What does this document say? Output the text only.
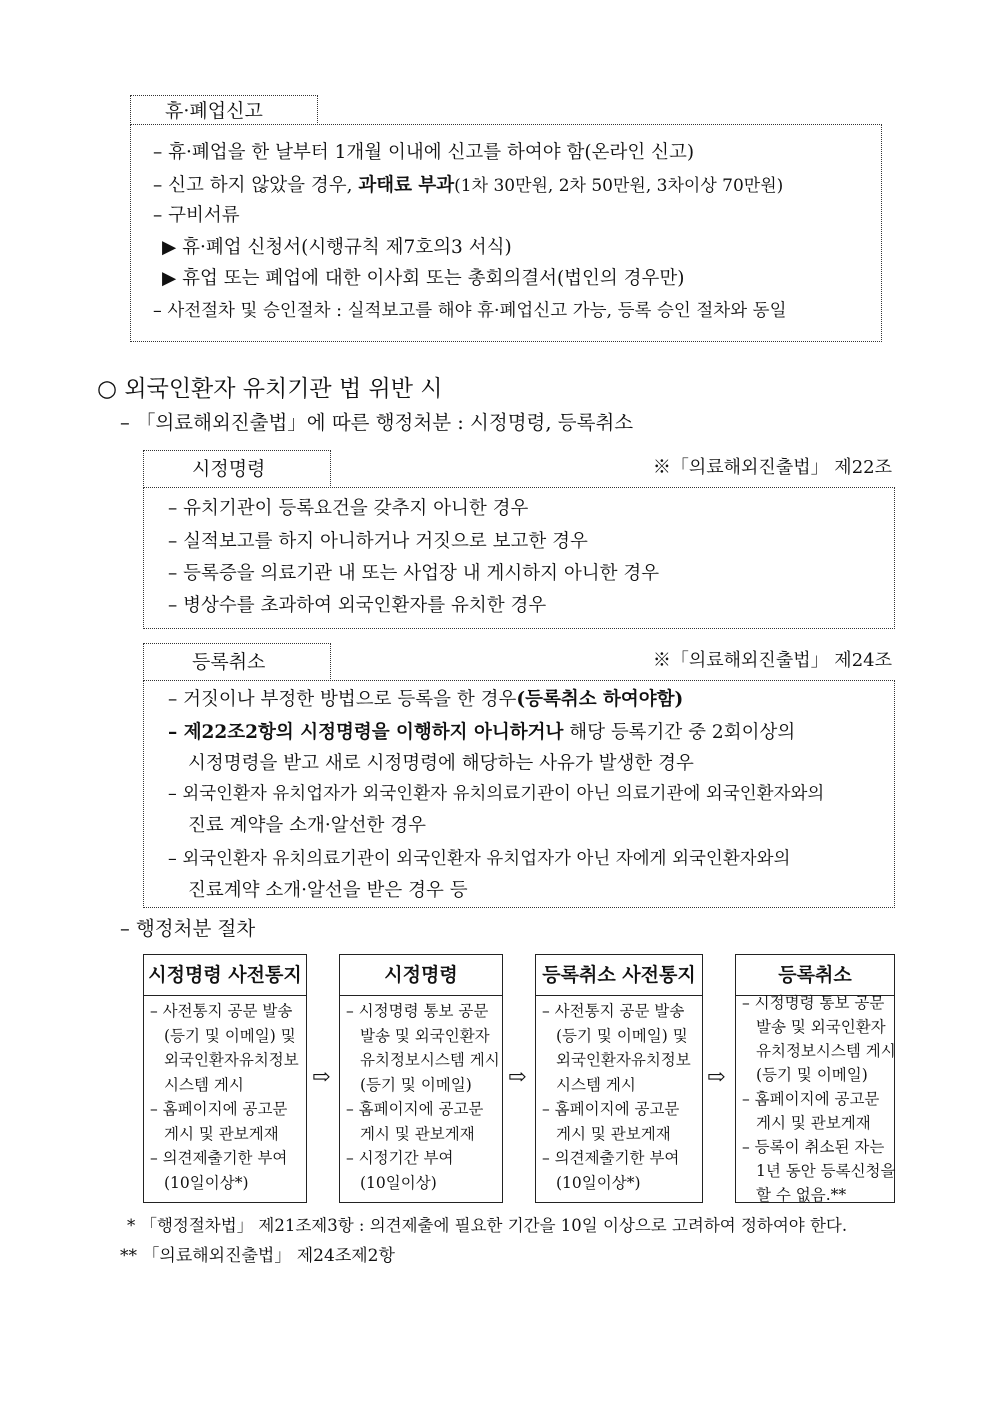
휴·폐업신고
– 휴·폐업을 한 날부터 1개월 이내에 신고를 하여야 함(온라인 신고)
– 신고 하지 않았을 경우, 과태료 부과(1차 30만원, 2차 50만원, 3차이상 70만원)
– 구비서류
▶ 휴·폐업 신청서(시행규칙 제7호의3 서식)
▶ 휴업 또는 폐업에 대한 이사회 또는 총회의결서(법인의 경우만)
– 사전절차 및 승인절차 : 실적보고를 해야 휴·폐업신고 가능, 등록 승인 절차와 동일
○ 외국인환자 유치기관 법 위반 시
– 「의료해외진출법」에 따른 행정처분 : 시정명령, 등록취소
시정명령	※「의료해외진출법」 제22조
– 유치기관이 등록요건을 갖추지 아니한 경우
– 실적보고를 하지 아니하거나 거짓으로 보고한 경우
– 등록증을 의료기관 내 또는 사업장 내 게시하지 아니한 경우
– 병상수를 초과하여 외국인환자를 유치한 경우
등록취소	※「의료해외진출법」 제24조
– 거짓이나 부정한 방법으로 등록을 한 경우(등록취소 하여야함)
– 제22조2항의 시정명령을 이행하지 아니하거나 해당 등록기간 중 2회이상의
시정명령을 받고 새로 시정명령에 해당하는 사유가 발생한 경우
– 외국인환자 유치업자가 외국인환자 유치의료기관이 아닌 의료기관에 외국인환자와의
진료 계약을 소개·알선한 경우
– 외국인환자 유치의료기관이 외국인환자 유치업자가 아닌 자에게 외국인환자와의
진료계약 소개·알선을 받은 경우 등
– 행정처분 절차
시정명령 사전통지
– 사전통지 공문 발송
(등기 및 이메일) 및
외국인환자유치정보
시스템 게시
– 홈페이지에 공고문
게시 및 관보게재
– 의견제출기한 부여
(10일이상*)
⇨
시정명령
– 시정명령 통보 공문
발송 및 외국인환자
유치정보시스템 게시
(등기 및 이메일)
– 홈페이지에 공고문
게시 및 관보게재
– 시정기간 부여
(10일이상)
⇨
등록취소 사전통지
– 사전통지 공문 발송
(등기 및 이메일) 및
외국인환자유치정보
시스템 게시
– 홈페이지에 공고문
게시 및 관보게재
– 의견제출기한 부여
(10일이상*)
⇨
등록취소
– 시정명령 통보 공문
발송 및 외국인환자
유치정보시스템 게시
(등기 및 이메일)
– 홈페이지에 공고문
게시 및 관보게재
– 등록이 취소된 자는
1년 동안 등록신청을
할 수 없음.**
* 「행정절차법」 제21조제3항 : 의견제출에 필요한 기간을 10일 이상으로 고려하여 정하여야 한다.
** 「의료해외진출법」 제24조제2항
